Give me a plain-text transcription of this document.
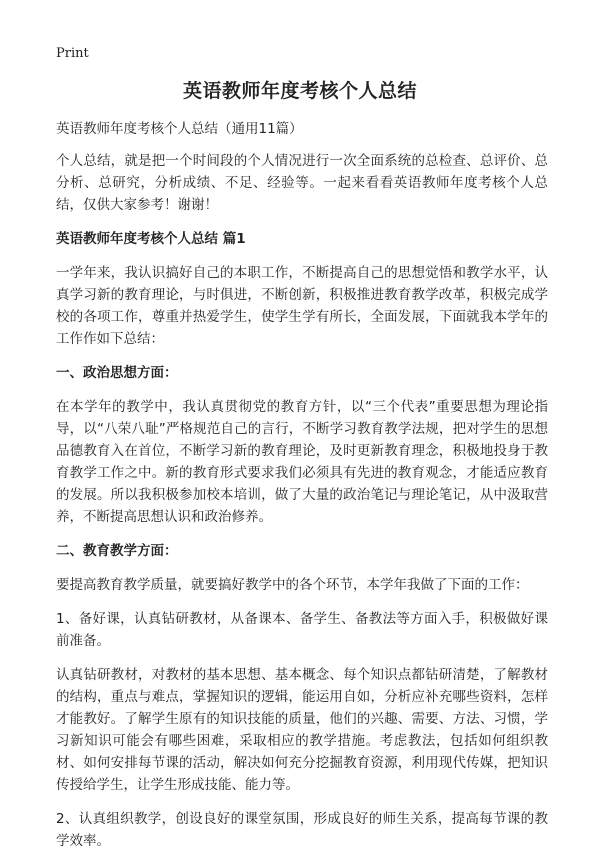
Print
英语教师年度考核个人总结

英语教师年度考核个人总结（通用11篇）

个人总结，就是把一个时间段的个人情况进行一次全面系统的总检查、总评价、总分析、总研究，分析成绩、不足、经验等。一起来看看英语教师年度考核个人总结，仅供大家参考！谢谢！

英语教师年度考核个人总结 篇1

一学年来，我认识搞好自己的本职工作，不断提高自己的思想觉悟和教学水平，认真学习新的教育理论，与时俱进，不断创新，积极推进教育教学改革，积极完成学校的各项工作，尊重并热爱学生，使学生学有所长，全面发展，下面就我本学年的工作作如下总结：

一、政治思想方面：

在本学年的教学中，我认真贯彻党的教育方针，以“三个代表”重要思想为理论指导，以“八荣八耻”严格规范自己的言行，不断学习教育教学法规，把对学生的思想品德教育入在首位，不断学习新的教育理论，及时更新教育理念，积极地投身于教育教学工作之中。新的教育形式要求我们必须具有先进的教育观念，才能适应教育的发展。所以我积极参加校本培训，做了大量的政治笔记与理论笔记，从中汲取营养，不断提高思想认识和政治修养。

二、教育教学方面：

要提高教育教学质量，就要搞好教学中的各个环节，本学年我做了下面的工作：

1、备好课，认真钻研教材，从备课本、备学生、备教法等方面入手，积极做好课前准备。

认真钻研教材，对教材的基本思想、基本概念、每个知识点都钻研清楚，了解教材的结构，重点与难点，掌握知识的逻辑，能运用自如，分析应补充哪些资料，怎样才能教好。了解学生原有的知识技能的质量，他们的兴趣、需要、方法、习惯，学习新知识可能会有哪些困难，采取相应的教学措施。考虑教法，包括如何组织教材、如何安排每节课的活动，解决如何充分挖掘教育资源，利用现代传媒，把知识传授给学生，让学生形成技能、能力等。

2、认真组织教学，创设良好的课堂氛围，形成良好的师生关系，提高每节课的教学效率。
